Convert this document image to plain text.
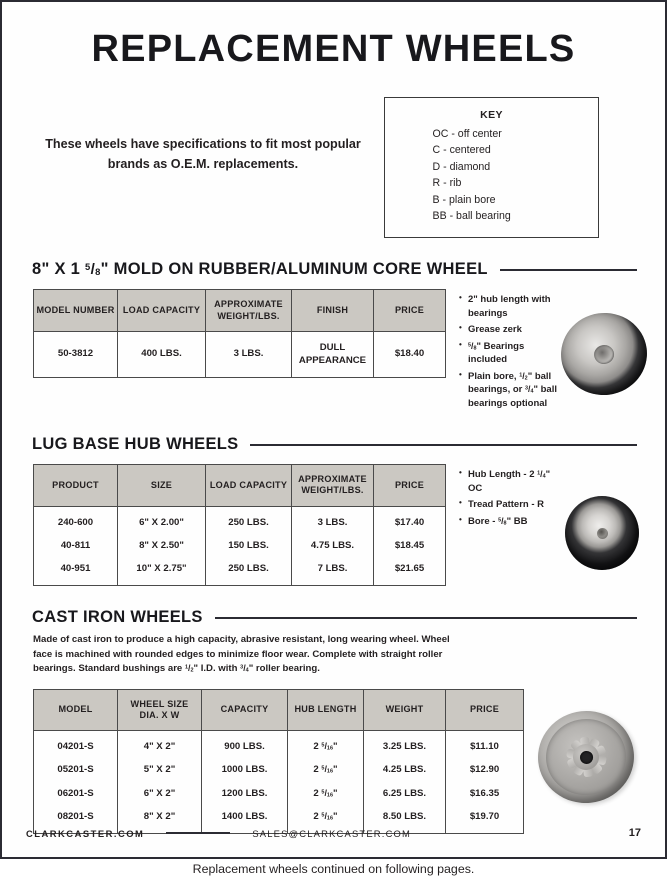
REPLACEMENT WHEELS
These wheels have specifications to fit most popular brands as O.E.M. replacements.
KEY
OC - off center
C - centered
D - diamond
R - rib
B - plain bore
BB - ball bearing
8" X 1 $^5/_8$" MOLD ON RUBBER/ALUMINUM CORE WHEEL
MODEL NUMBER	LOAD CAPACITY	APPROXIMATE WEIGHT/LBS.	FINISH	PRICE
50-3812	400 LBS.	3 LBS.	DULL APPEARANCE	$18.40
• 2" hub length with bearings
• Grease zerk
• $^5/_8$" Bearings included
• Plain bore, $^1/_2$" ball bearings, or $^3/_4$" ball bearings optional
LUG BASE HUB WHEELS
PRODUCT	SIZE	LOAD CAPACITY	APPROXIMATE WEIGHT/LBS.	PRICE
240-600	6" X 2.00"	250 LBS.	3 LBS.	$17.40
40-811	8" X 2.50"	150 LBS.	4.75 LBS.	$18.45
40-951	10" X 2.75"	250 LBS.	7 LBS.	$21.65
• Hub Length - 2 $^1/_4$" OC
• Tread Pattern - R
• Bore - $^5/_8$" BB
CAST IRON WHEELS

Made of cast iron to produce a high capacity, abrasive resistant, long wearing wheel. Wheel face is machined with rounded edges to minimize floor wear. Complete with straight roller bearings. Standard bushings are $^1/_2$" I.D. with $^3/_4$" roller bearing.

MODEL	WHEEL SIZE DIA. X W	CAPACITY	HUB LENGTH	WEIGHT	PRICE
04201-S	4" X 2"	900 LBS.	2 $^5/_{16}$"	3.25 LBS.	$11.10
05201-S	5" X 2"	1000 LBS.	2 $^5/_{16}$"	4.25 LBS.	$12.90
06201-S	6" X 2"	1200 LBS.	2 $^5/_{16}$"	6.25 LBS.	$16.35
08201-S	8" X 2"	1400 LBS.	2 $^5/_{16}$"	8.50 LBS.	$19.70
Replacement wheels continued on following pages.
CLARKCASTER.COM	SALES@CLARKCASTER.COM	17
